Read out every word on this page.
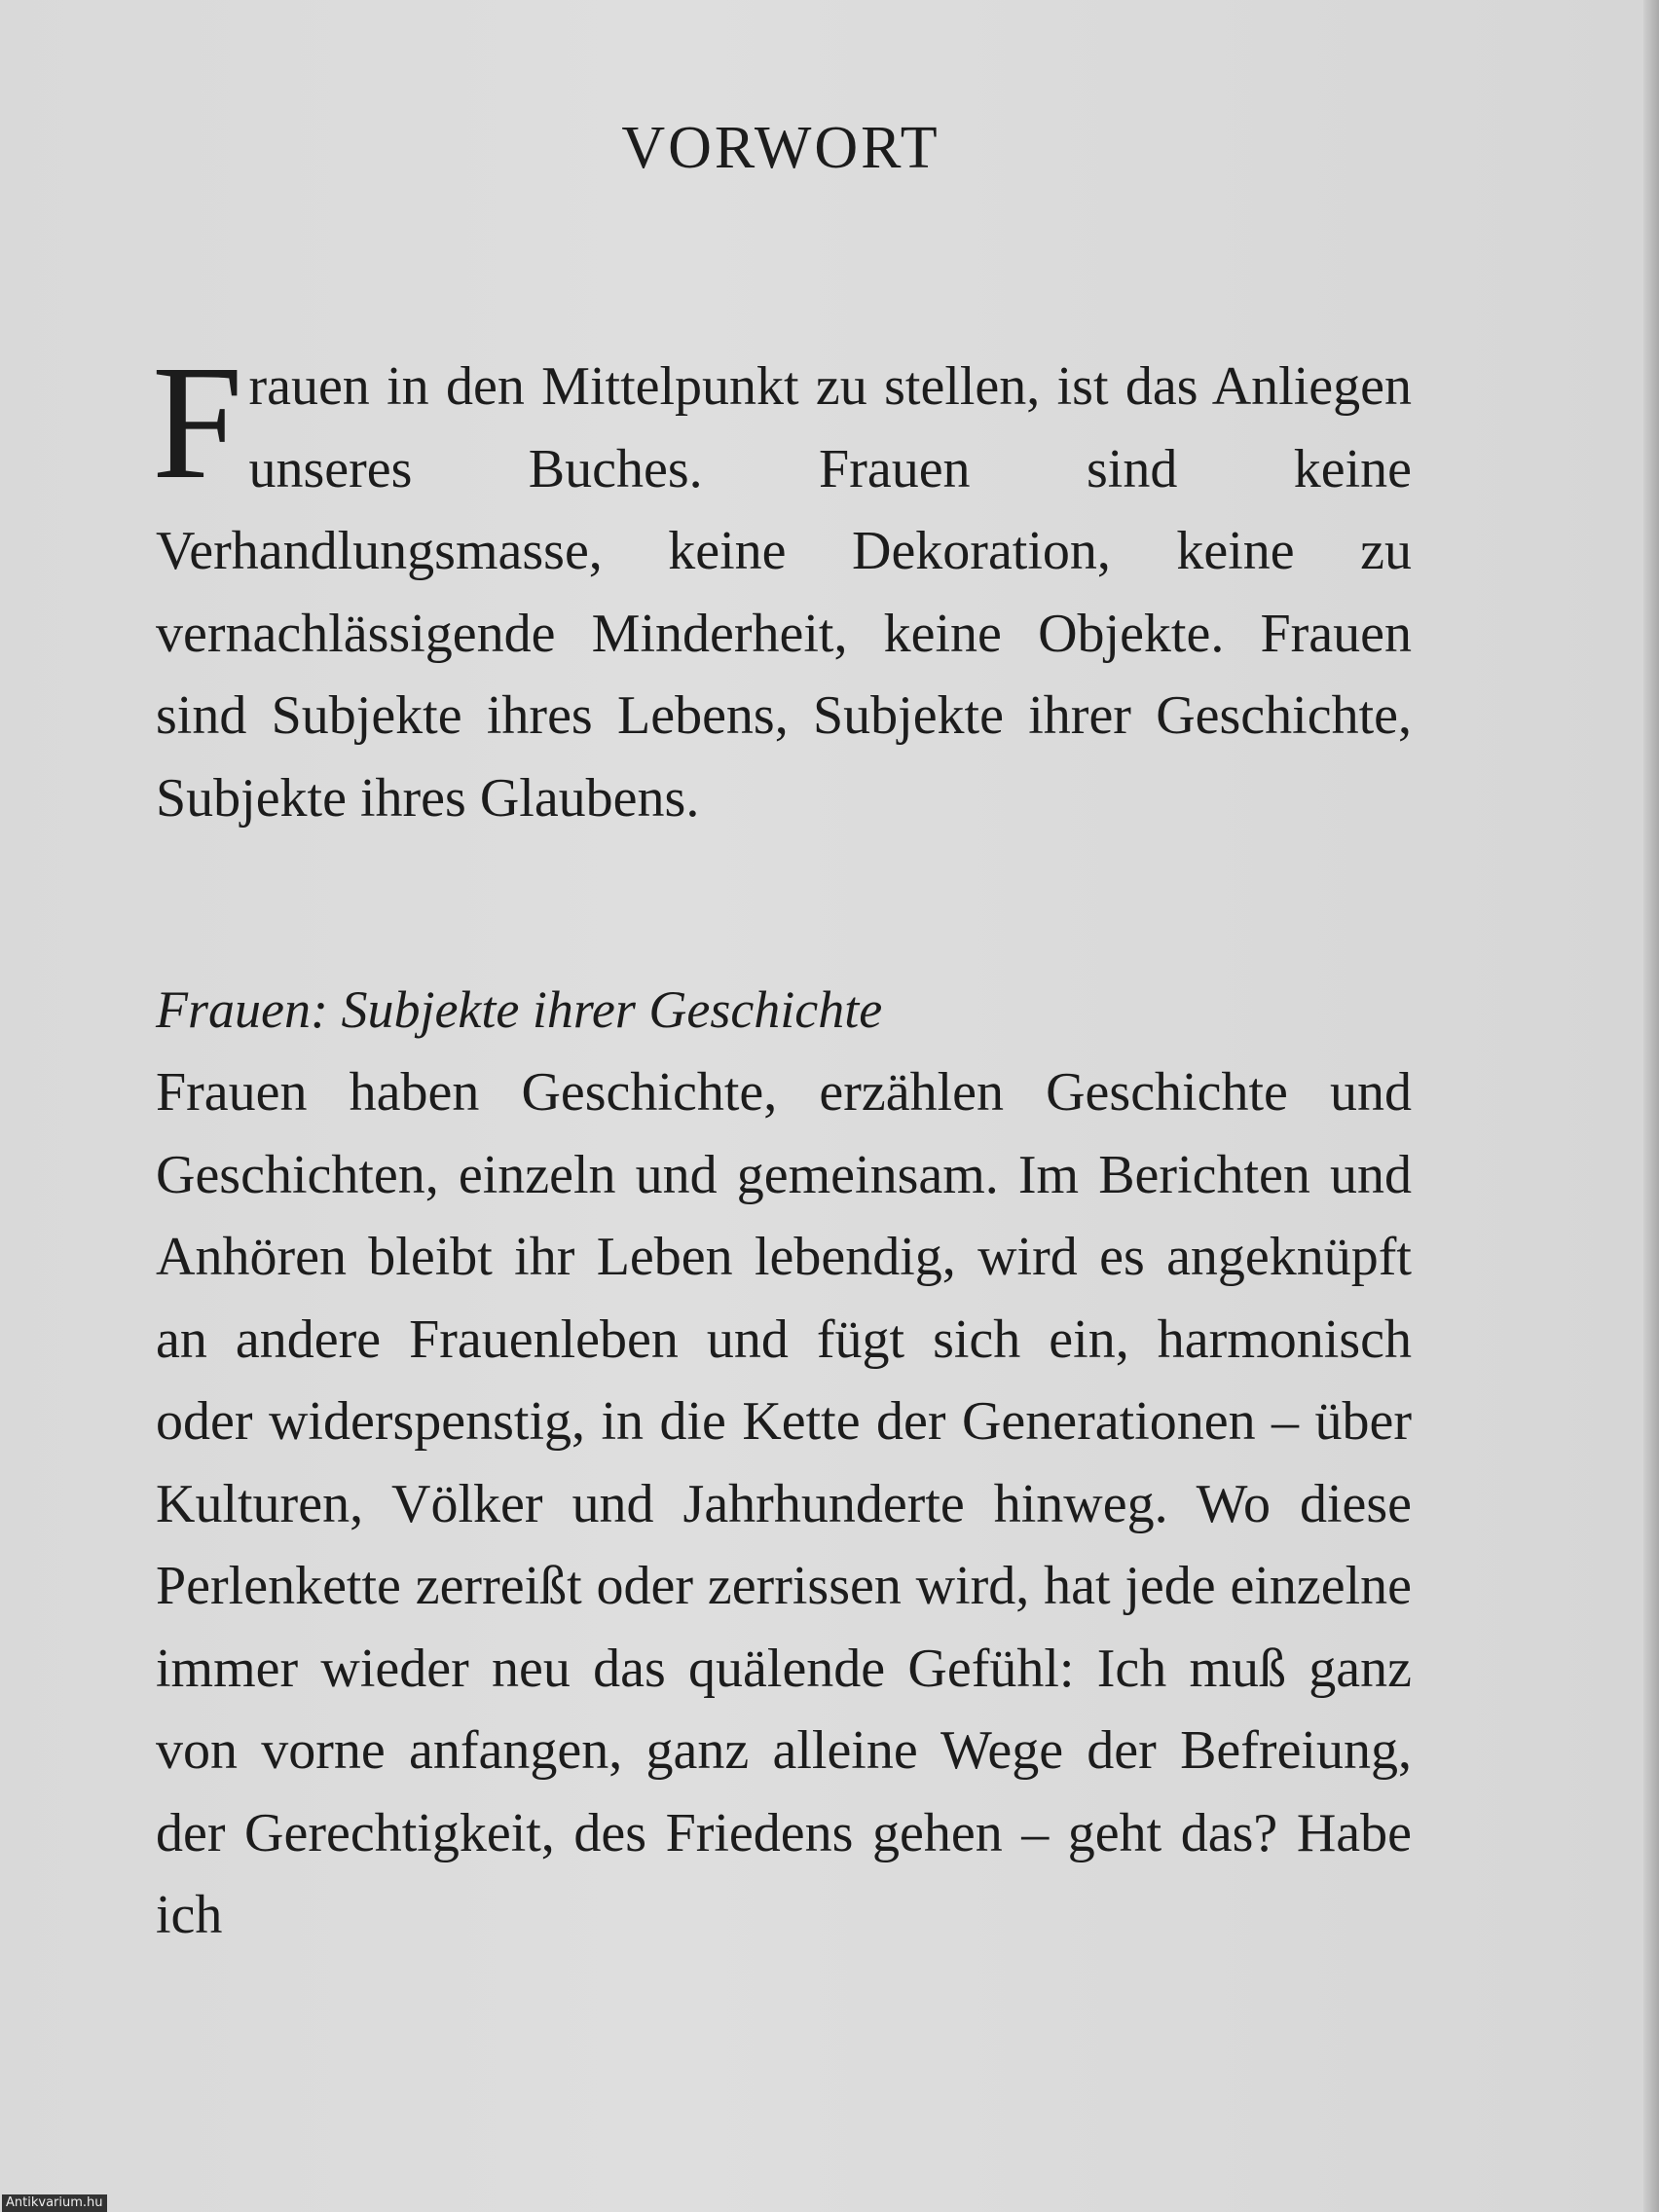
VORWORT

Frauen in den Mittelpunkt zu stellen, ist das Anliegen unseres Buches. Frauen sind keine Verhandlungsmasse, keine Dekoration, keine zu vernachlässigende Minderheit, keine Objekte. Frauen sind Subjekte ihres Lebens, Subjekte ihrer Geschichte, Subjekte ihres Glaubens.

Frauen: Subjekte ihrer Geschichte

Frauen haben Geschichte, erzählen Geschichte und Geschichten, einzeln und gemeinsam. Im Berichten und Anhören bleibt ihr Leben lebendig, wird es angeknüpft an andere Frauenleben und fügt sich ein, harmonisch oder widerspenstig, in die Kette der Generationen – über Kulturen, Völker und Jahrhunderte hinweg. Wo diese Perlenkette zerreißt oder zerrissen wird, hat jede einzelne immer wieder neu das quälende Gefühl: Ich muß ganz von vorne anfangen, ganz alleine Wege der Befreiung, der Gerechtigkeit, des Friedens gehen – geht das? Habe ich

Antikvarium.hu
